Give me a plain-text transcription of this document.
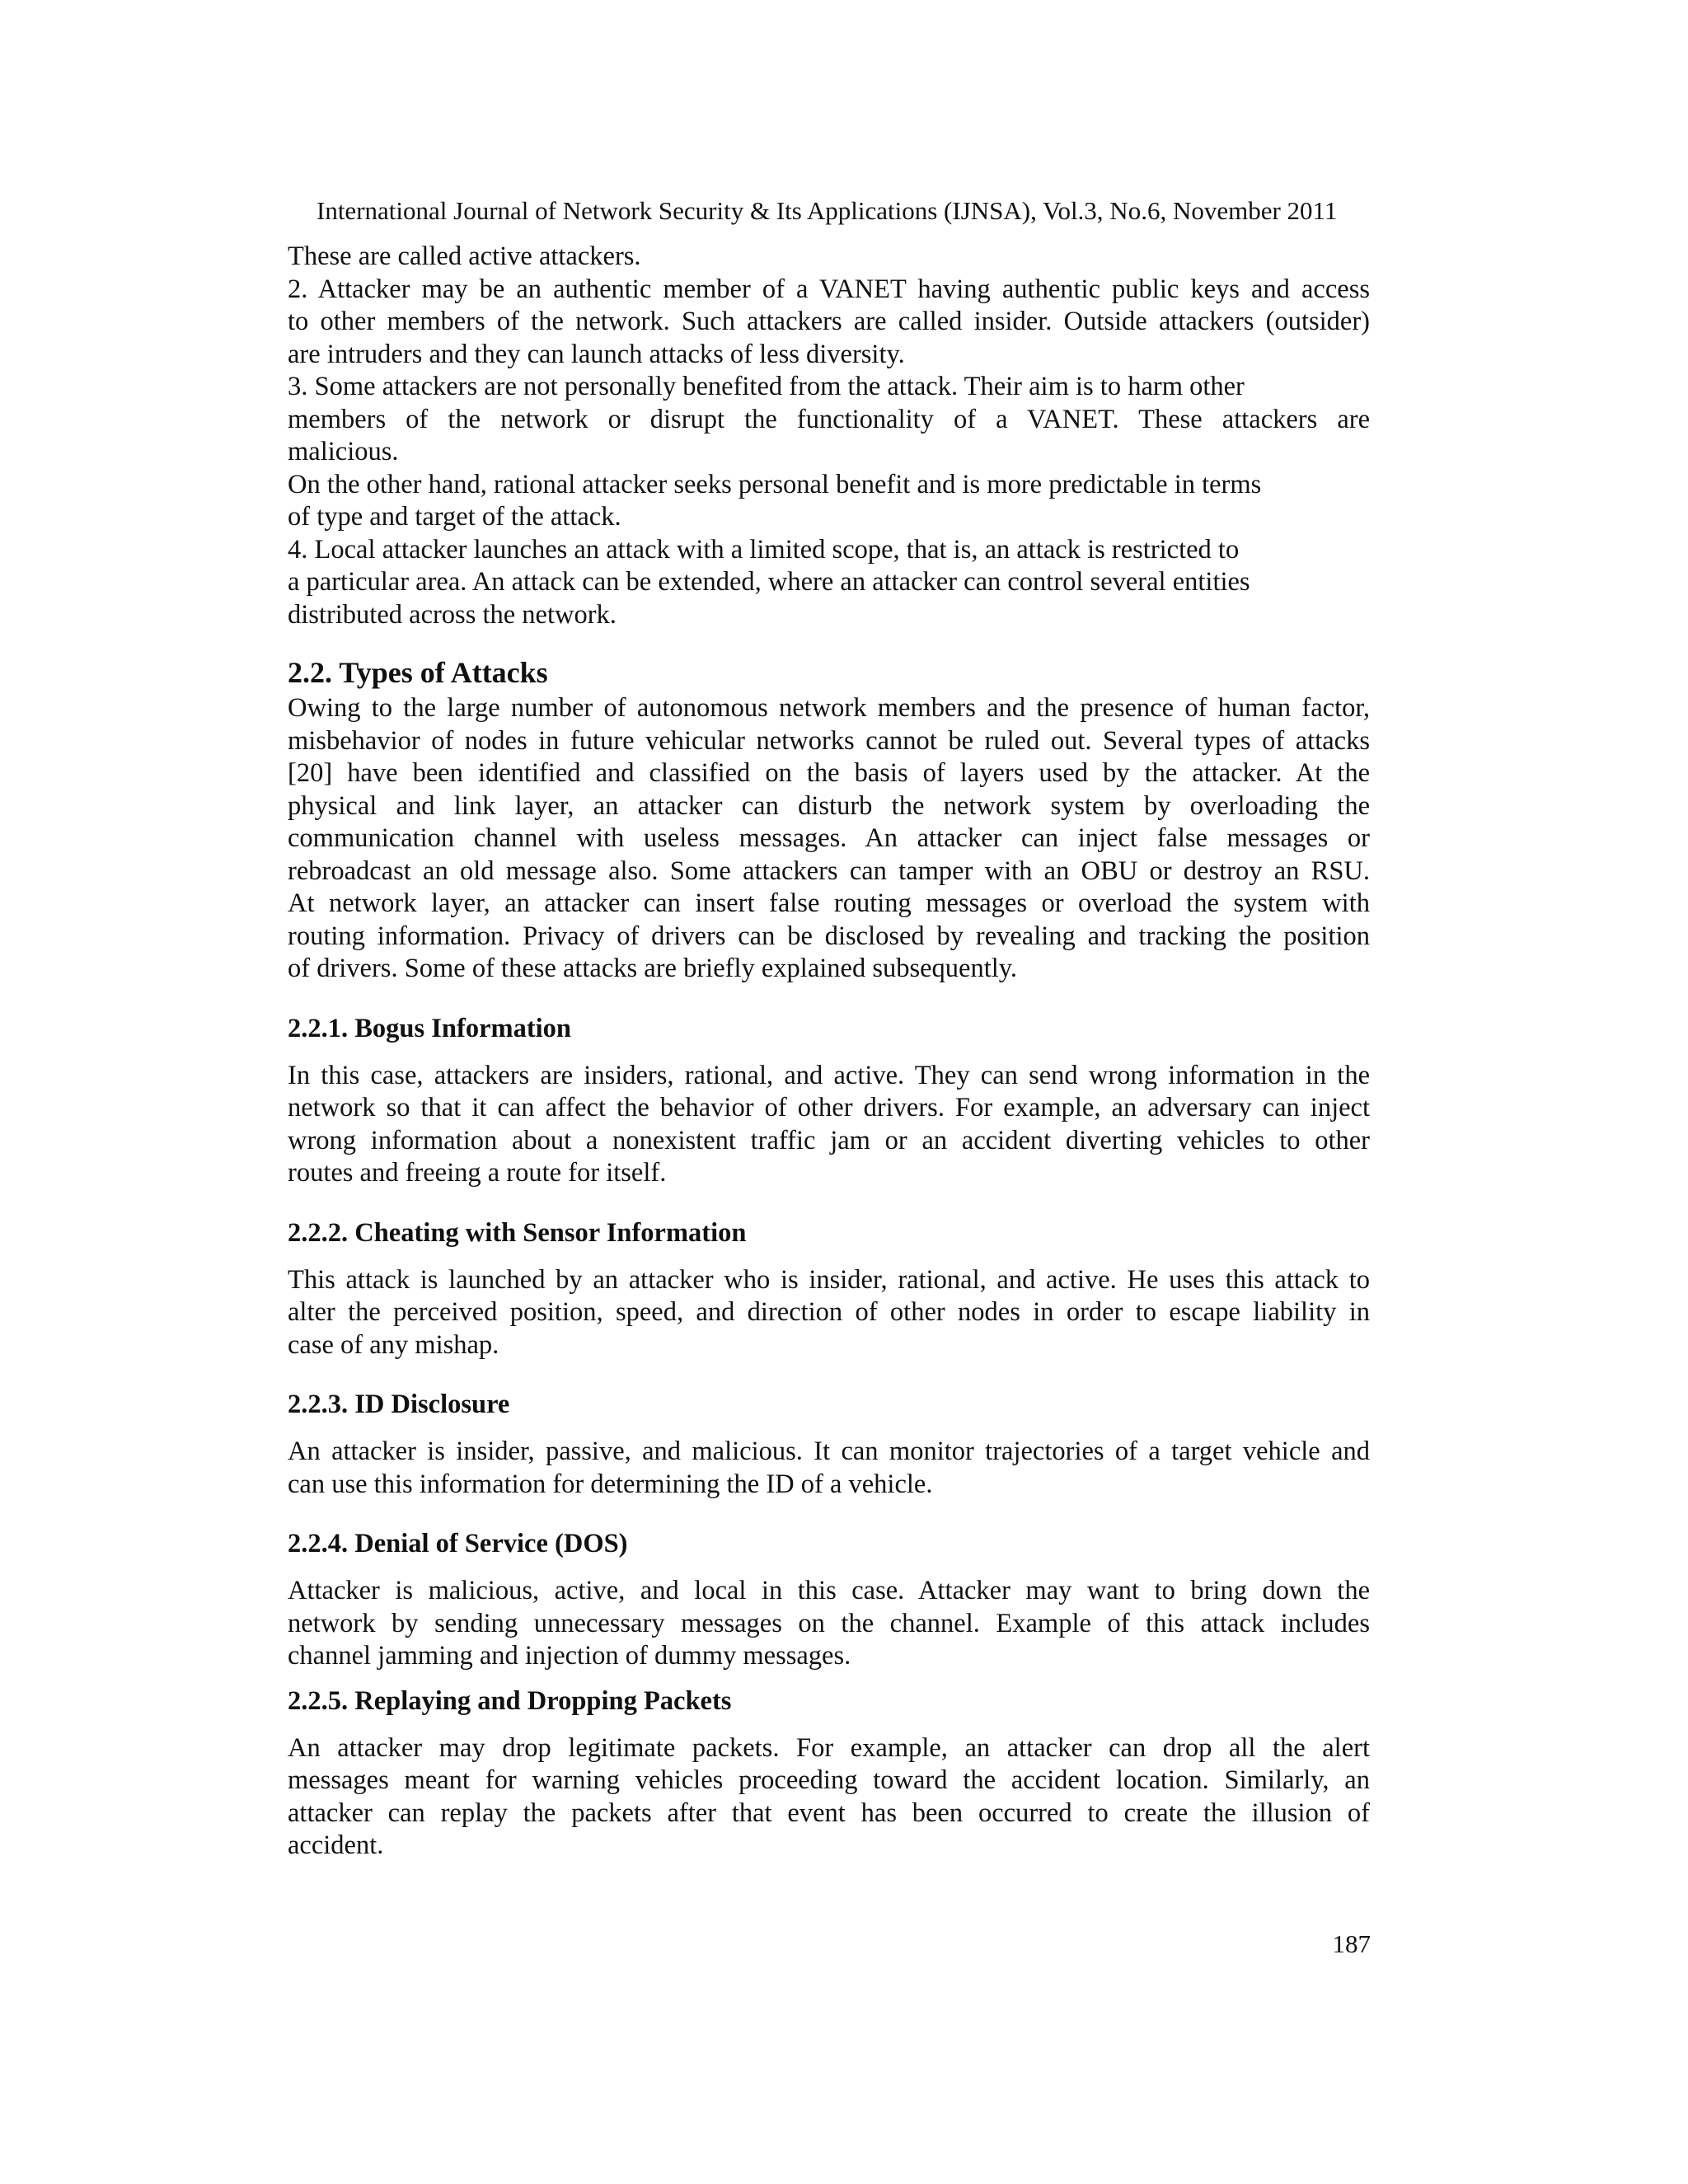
International Journal of Network Security & Its Applications (IJNSA), Vol.3, No.6, November 2011
These are called active attackers.
2. Attacker may be an authentic member of a VANET having authentic public keys and access
to other members of the network. Such attackers are called insider. Outside attackers (outsider)
are intruders and they can launch attacks of less diversity.
3. Some attackers are not personally benefited from the attack. Their aim is to harm other
members of the network or disrupt the functionality of a VANET. These attackers are
malicious.
On the other hand, rational attacker seeks personal benefit and is more predictable in terms
of type and target of the attack.
4. Local attacker launches an attack with a limited scope, that is, an attack is restricted to
a particular area. An attack can be extended, where an attacker can control several entities
distributed across the network.
2.2. Types of Attacks
Owing to the large number of autonomous network members and the presence of human factor,
misbehavior of nodes in future vehicular networks cannot be ruled out. Several types of attacks
[20] have been identified and classified on the basis of layers used by the attacker. At the
physical and link layer, an attacker can disturb the network system by overloading the
communication channel with useless messages. An attacker can inject false messages or
rebroadcast an old message also. Some attackers can tamper with an OBU or destroy an RSU.
At network layer, an attacker can insert false routing messages or overload the system with
routing information. Privacy of drivers can be disclosed by revealing and tracking the position
of drivers. Some of these attacks are briefly explained subsequently.
2.2.1. Bogus Information
In this case, attackers are insiders, rational, and active. They can send wrong information in the
network so that it can affect the behavior of other drivers. For example, an adversary can inject
wrong information about a nonexistent traffic jam or an accident diverting vehicles to other
routes and freeing a route for itself.
2.2.2. Cheating with Sensor Information
This attack is launched by an attacker who is insider, rational, and active. He uses this attack to
alter the perceived position, speed, and direction of other nodes in order to escape liability in
case of any mishap.
2.2.3. ID Disclosure
An attacker is insider, passive, and malicious. It can monitor trajectories of a target vehicle and
can use this information for determining the ID of a vehicle.
2.2.4. Denial of Service (DOS)
Attacker is malicious, active, and local in this case. Attacker may want to bring down the
network by sending unnecessary messages on the channel. Example of this attack includes
channel jamming and injection of dummy messages.
2.2.5. Replaying and Dropping Packets
An attacker may drop legitimate packets. For example, an attacker can drop all the alert
messages meant for warning vehicles proceeding toward the accident location. Similarly, an
attacker can replay the packets after that event has been occurred to create the illusion of
accident.
187
